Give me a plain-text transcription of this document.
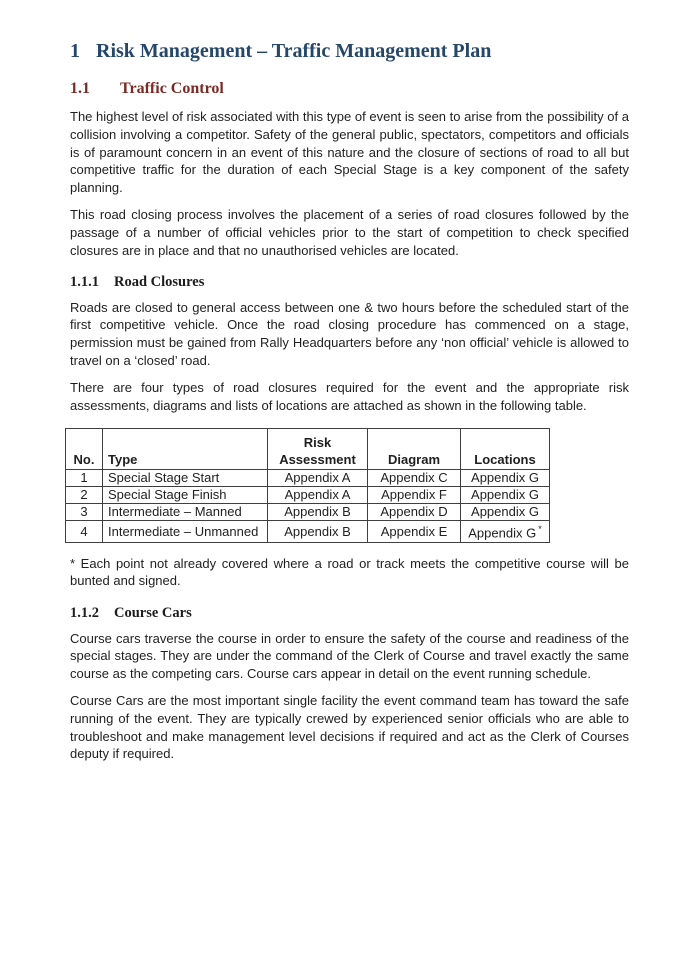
1 Risk Management – Traffic Management Plan
1.1 Traffic Control

The highest level of risk associated with this type of event is seen to arise from the possibility of a collision involving a competitor. Safety of the general public, spectators, competitors and officials is of paramount concern in an event of this nature and the closure of sections of road to all but competitive traffic for the duration of each Special Stage is a key component of the safety planning.

This road closing process involves the placement of a series of road closures followed by the passage of a number of official vehicles prior to the start of competition to check specified closures are in place and that no unauthorised vehicles are located.

1.1.1 Road Closures

Roads are closed to general access between one & two hours before the scheduled start of the first competitive vehicle. Once the road closing procedure has commenced on a stage, permission must be gained from Rally Headquarters before any ‘non official’ vehicle is allowed to travel on a ‘closed’ road.

There are four types of road closures required for the event and the appropriate risk assessments, diagrams and lists of locations are attached as shown in the following table.

No.	Type	Risk Assessment	Diagram	Locations
1	Special Stage Start	Appendix A	Appendix C	Appendix G
2	Special Stage Finish	Appendix A	Appendix F	Appendix G
3	Intermediate – Manned	Appendix B	Appendix D	Appendix G
4	Intermediate – Unmanned	Appendix B	Appendix E	Appendix G *

* Each point not already covered where a road or track meets the competitive course will be bunted and signed.

1.1.2 Course Cars

Course cars traverse the course in order to ensure the safety of the course and readiness of the special stages. They are under the command of the Clerk of Course and travel exactly the same course as the competing cars. Course cars appear in detail on the event running schedule.

Course Cars are the most important single facility the event command team has toward the safe running of the event. They are typically crewed by experienced senior officials who are able to troubleshoot and make management level decisions if required and act as the Clerk of Courses deputy if required.
